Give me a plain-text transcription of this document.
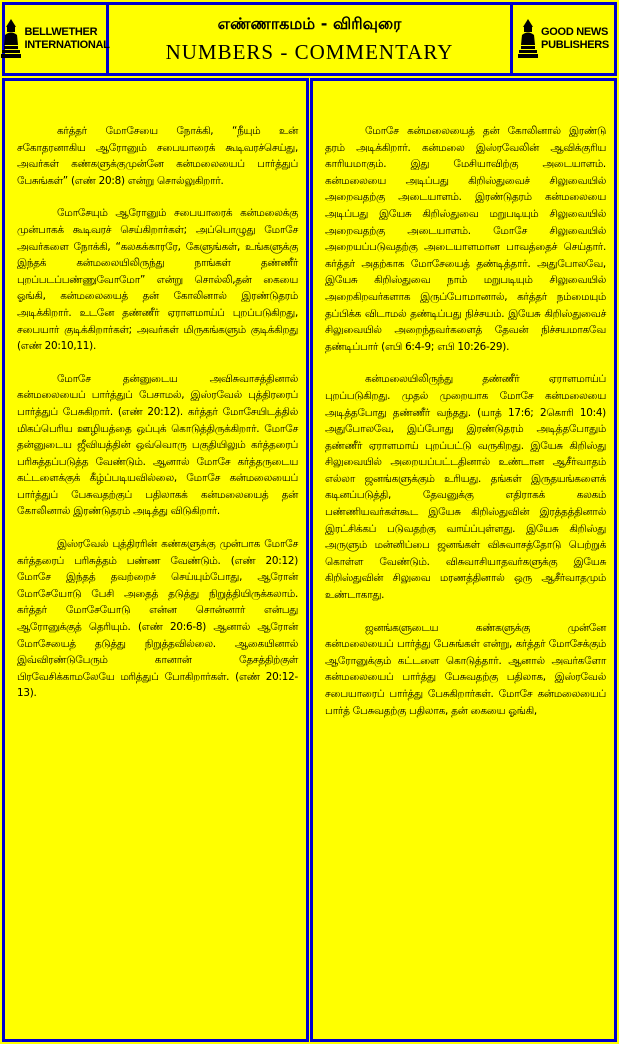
BELLWETHER
INTERNATIONAL
எண்ணாகமம் - விரிவுரை
NUMBERS - COMMENTARY
GOOD NEWS
PUBLISHERS

கர்த்தர் மோசேயை நோக்கி, “நீயும் உன் சகோதரனாகிய ஆரோனும் சபையாரைக் கூடிவரச்செய்து, அவர்கள் கண்களுக்குமுன்னே கன்மலையைப் பார்த்துப் பேசுங்கள்” (எண் 20:8) என்று சொல்லுகிறார்.

மோசேயும் ஆரோனும் சபையாரைக் கன்மலைக்கு முன்பாகக் கூடிவரச் செய்கிறார்கள்; அப்பொழுது மோசே அவர்களை நோக்கி, “கலகக்காரரே, கேளுங்கள், உங்களுக்கு இந்தக் கன்மலையிலிருந்து நாங்கள் தண்ணீர் புறப்படப்பண்ணுவோமோ” என்று சொல்லி,தன் கையை ஓங்கி, கன்மலையைத் தன் கோலினால் இரண்டுதரம் அடிக்கிறார். உடனே தண்ணீர் ஏராளமாய்ப் புறப்படுகிறது, சபையார் குடிக்கிறார்கள்; அவர்கள் மிருகங்களும் குடிக்கிறது (எண் 20:10,11).

மோசே தன்னுடைய அவிசுவாசத்தினால் கன்மலையைப் பார்த்துப் பேசாமல், இஸ்ரவேல் புத்திரரைப் பார்த்துப் பேசுகிறார். (எண் 20:12). கர்த்தர் மோசேயிடத்தில் மிகப்பெரிய ஊழியத்தை ஒப்புக் கொடுத்திருக்கிறார். மோசே தன்னுடைய ஜீவியத்தின் ஒவ்வொரு பகுதியிலும் கர்த்தரைப் பரிசுத்தப்படுத்த வேண்டும். ஆனால் மோசே கர்த்தருடைய கட்டளைக்குக் கீழ்ப்படியவில்லை, மோசே கன்மலையைப் பார்த்துப் பேசுவதற்குப் பதிலாகக் கன்மலையைத் தன் கோலினால் இரண்டுதரம் அடித்து விடுகிறார்.

இஸ்ரவேல் புத்திரரின் கண்களுக்கு முன்பாக மோசே கர்த்தரைப் பரிசுத்தம் பண்ண வேண்டும். (எண் 20:12) மோசே இந்தத் தவற்றைச் செய்யும்போது, ஆரோன் மோசேயோடு பேசி அதைத் தடுத்து நிறுத்தியிருக்கலாம். கர்த்தர் மோசேயோடு என்ன சொன்னார் என்பது ஆரோனுக்குத் தெரியும். (எண் 20:6-8) ஆனால் ஆரோன் மோசேயைத் தடுத்து நிறுத்தவில்லை. ஆகையினால் இவ்விரண்டுபேரும் கானான் தேசத்திற்குள் பிரவேசிக்காமலேயே மரித்துப் போகிறார்கள். (எண் 20:12-13).

மோசே கன்மலையைத் தன் கோலினால் இரண்டு தரம் அடிக்கிறார். கன்மலை இஸ்ரவேலின் ஆவிக்குரிய காரியமாகும். இது மேசியாவிற்கு அடையாளம். கன்மலையை அடிப்பது கிறிஸ்துவைச் சிலுவையில் அறைவதற்கு அடையாளம். இரண்டுதரம் கன்மலையை அடிப்பது இயேசு கிறிஸ்துவை மறுபடியும் சிலுவையில் அறைவதற்கு அடையாளம். மோசே சிலுவையில் அறையப்படுவதற்கு அடையாளமான பாவத்தைச் செய்தார். கர்த்தர் அதற்காக மோசேயைத் தண்டித்தார். அதுபோலவே, இயேசு கிறிஸ்துவை நாம் மறுபடியும் சிலுவையில் அறைகிறவர்களாக இருப்போமானால், கர்த்தர் நம்மையும் தப்பிக்க விடாமல் தண்டிப்பது நிச்சயம். இயேசு கிறிஸ்துவைச் சிலுவையில் அறைந்தவர்களைத் தேவன் நிச்சயமாகவே தண்டிப்பார் (எபி 6:4-9; எபி 10:26-29).

கன்மலையிலிருந்து தண்ணீர் ஏராளமாய்ப் புறப்படுகிறது. முதல் முறையாக மோசே கன்மலையை அடித்தபோது தண்ணீர் வந்தது. (யாத் 17:6; 2கொரி 10:4) அதுபோலவே, இப்போது இரண்டுதரம் அடித்தபோதும் தண்ணீர் ஏராளமாய் புறப்பட்டு வருகிறது. இயேசு கிறிஸ்து சிலுவையில் அறையப்பட்டதினால் உண்டான ஆசீர்வாதம் எல்லா ஜனங்களுக்கும் உரியது. தங்கள் இருதயங்களைக் கடினப்படுத்தி, தேவனுக்கு எதிராகக் கலகம் பண்ணியவர்கள்கூட இயேசு கிறிஸ்துவின் இரத்தத்தினால் இரட்சிக்கப் படுவதற்கு வாய்ப்புள்ளது. இயேசு கிறிஸ்து அருளும் மன்னிப்பை ஜனங்கள் விசுவாசத்தோடு பெற்றுக் கொள்ள வேண்டும். விசுவாசியாதவர்களுக்கு இயேசு கிறிஸ்துவின் சிலுவை மரணத்தினால் ஒரு ஆசீர்வாதமும் உண்டாகாது.

ஜனங்களுடைய கண்களுக்கு முன்னே கன்மலையைப் பார்த்து பேசுங்கள் என்று, கர்த்தர் மோசேக்கும் ஆரோனுக்கும் கட்டளை கொடுத்தார். ஆனால் அவர்களோ கன்மலையைப் பார்த்து பேசுவதற்கு பதிலாக, இஸ்ரவேல் சபையாரைப் பார்த்து பேசுகிறார்கள். மோசே கன்மலையைப் பார்த் பேசுவதற்கு பதிலாக, தன் கையை ஓங்கி,
